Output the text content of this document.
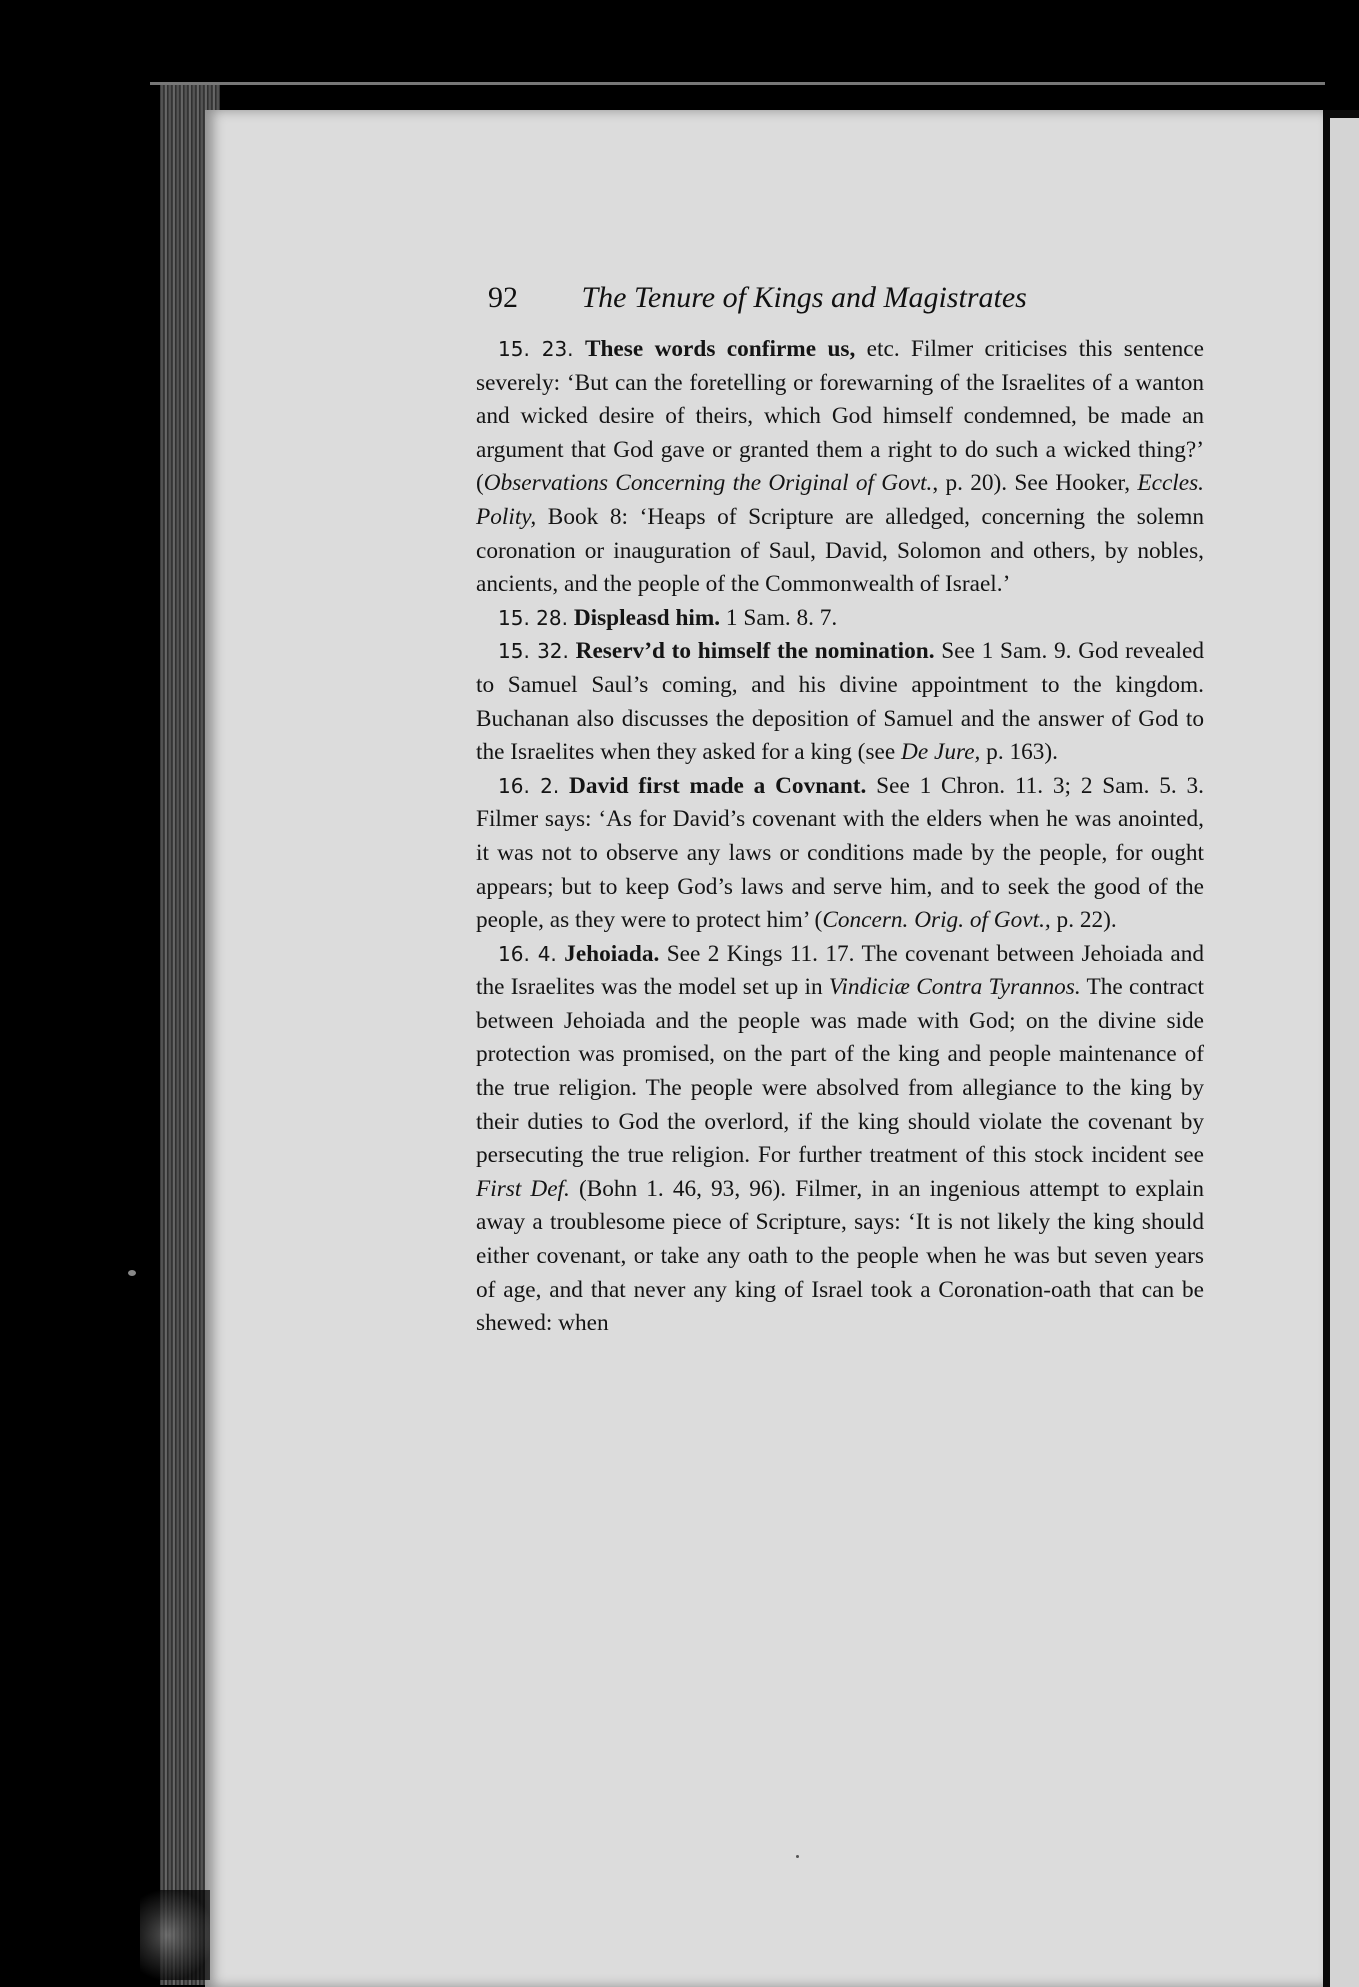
92 The Tenure of Kings and Magistrates

15. 23. These words confirme us, etc. Filmer criticises this sentence severely: ‘But can the foretelling or forewarning of the Israelites of a wanton and wicked desire of theirs, which God himself condemned, be made an argument that God gave or granted them a right to do such a wicked thing?’ (Observations Concerning the Original of Govt., p. 20). See Hooker, Eccles. Polity, Book 8: ‘Heaps of Scripture are alledged, concerning the solemn coronation or inauguration of Saul, David, Solomon and others, by nobles, ancients, and the people of the Commonwealth of Israel.’

15. 28. Displeasd him. 1 Sam. 8. 7.

15. 32. Reserv’d to himself the nomination. See 1 Sam. 9. God revealed to Samuel Saul’s coming, and his divine appointment to the kingdom. Buchanan also discusses the deposition of Samuel and the answer of God to the Israelites when they asked for a king (see De Jure, p. 163).

16. 2. David first made a Covnant. See 1 Chron. 11. 3; 2 Sam. 5. 3. Filmer says: ‘As for David’s covenant with the elders when he was anointed, it was not to observe any laws or conditions made by the people, for ought appears; but to keep God’s laws and serve him, and to seek the good of the people, as they were to protect him’ (Concern. Orig. of Govt., p. 22).

16. 4. Jehoiada. See 2 Kings 11. 17. The covenant between Jehoiada and the Israelites was the model set up in Vindiciæ Contra Tyrannos. The contract between Jehoiada and the people was made with God; on the divine side protection was promised, on the part of the king and people maintenance of the true religion. The people were absolved from allegiance to the king by their duties to God the overlord, if the king should violate the covenant by persecuting the true religion. For further treatment of this stock incident see First Def. (Bohn 1. 46, 93, 96). Filmer, in an ingenious attempt to explain away a troublesome piece of Scripture, says: ‘It is not likely the king should either covenant, or take any oath to the people when he was but seven years of age, and that never any king of Israel took a Coronation-oath that can be shewed: when
